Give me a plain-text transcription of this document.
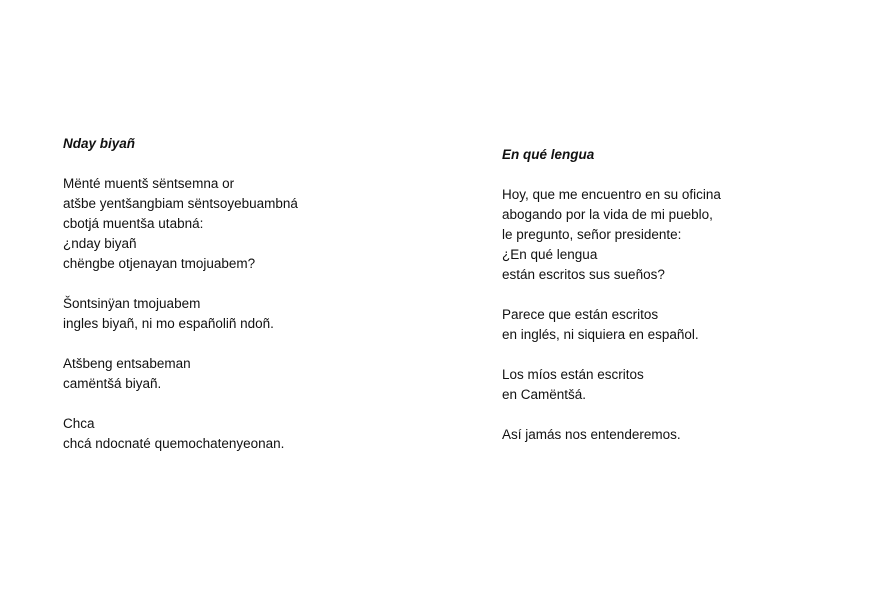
Nday biyañ
Mënté muentš sëntsemna or
atšbe yentšangbiam sëntsoyebuambná
cbotjá muentša utabná:
¿nday biyañ
chëngbe otjenayan tmojuabem?
Šontsinÿan tmojuabem
ingles biyañ, ni mo españoliñ ndoñ.
Atšbeng entsabeman
camëntšá biyañ.
Chca
chcá ndocnaté quemochatenyeonan.
En qué lengua
Hoy, que me encuentro en su oficina
abogando por la vida de mi pueblo,
le pregunto, señor presidente:
¿En qué lengua
están escritos sus sueños?
Parece que están escritos
en inglés, ni siquiera en español.
Los míos están escritos
en Camëntšá.
Así jamás nos entenderemos.
